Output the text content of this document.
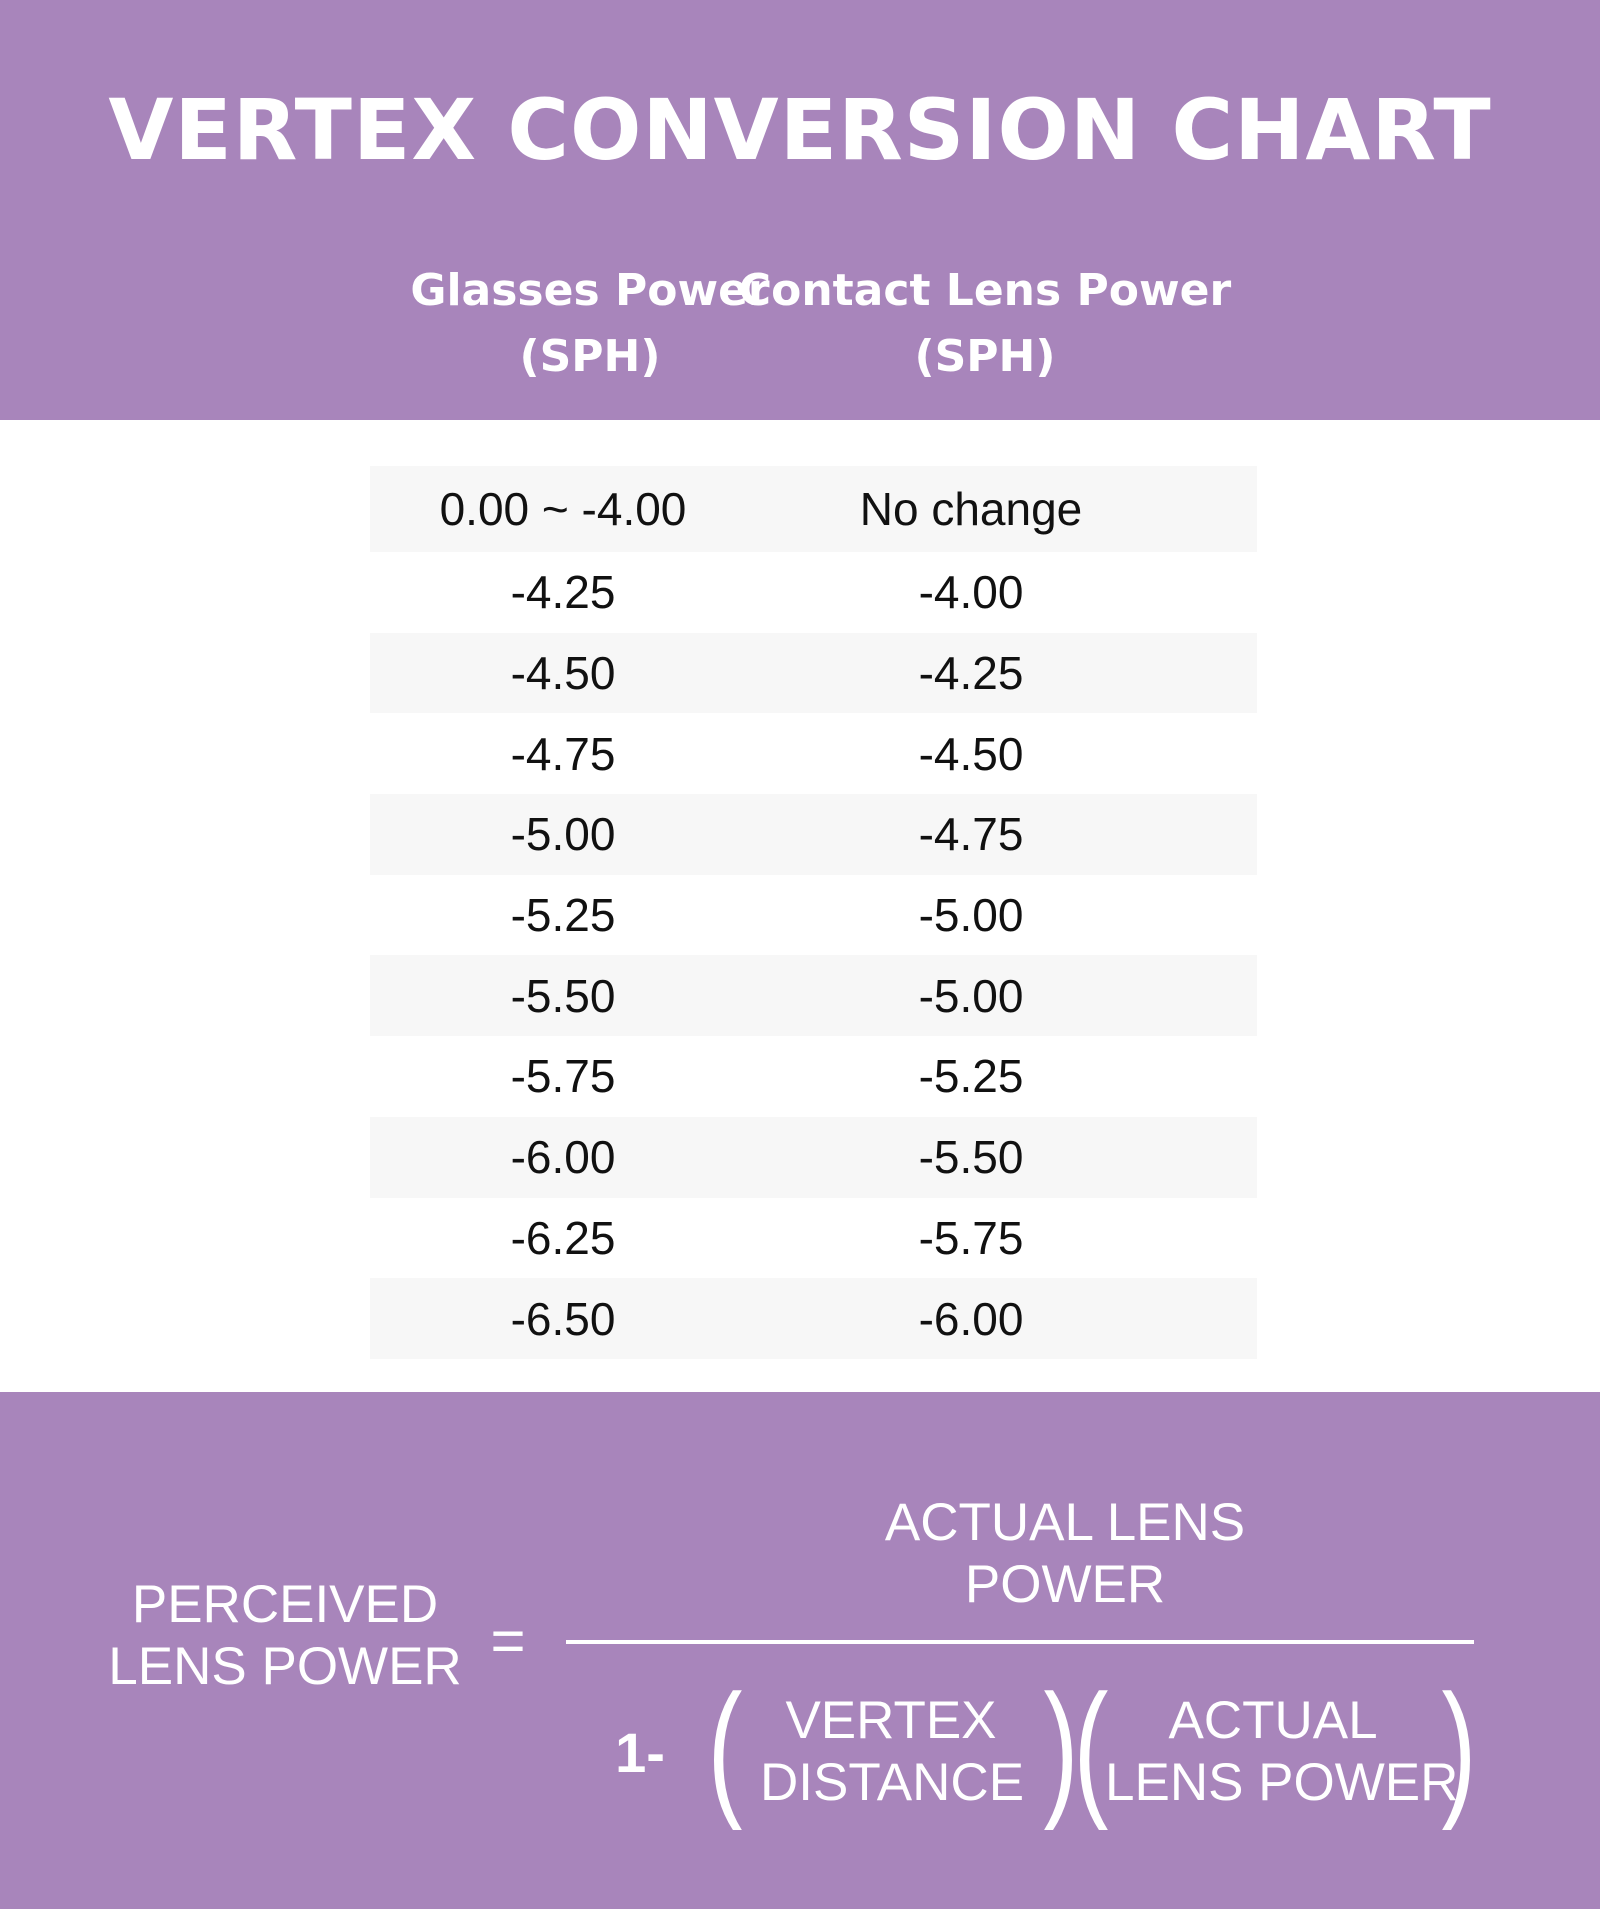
VERTEX CONVERSION CHART
Glasses Power
(SPH)
Contact Lens Power
(SPH)
0.00 ~ -4.00	No change
-4.25	-4.00
-4.50	-4.25
-4.75	-4.50
-5.00	-4.75
-5.25	-5.00
-5.50	-5.00
-5.75	-5.25
-6.00	-5.50
-6.25	-5.75
-6.50	-6.00
PERCEIVED
LENS POWER =
ACTUAL LENS
POWER
1- ( VERTEX
DISTANCE )
(	ACTUAL
LENS POWER
)
